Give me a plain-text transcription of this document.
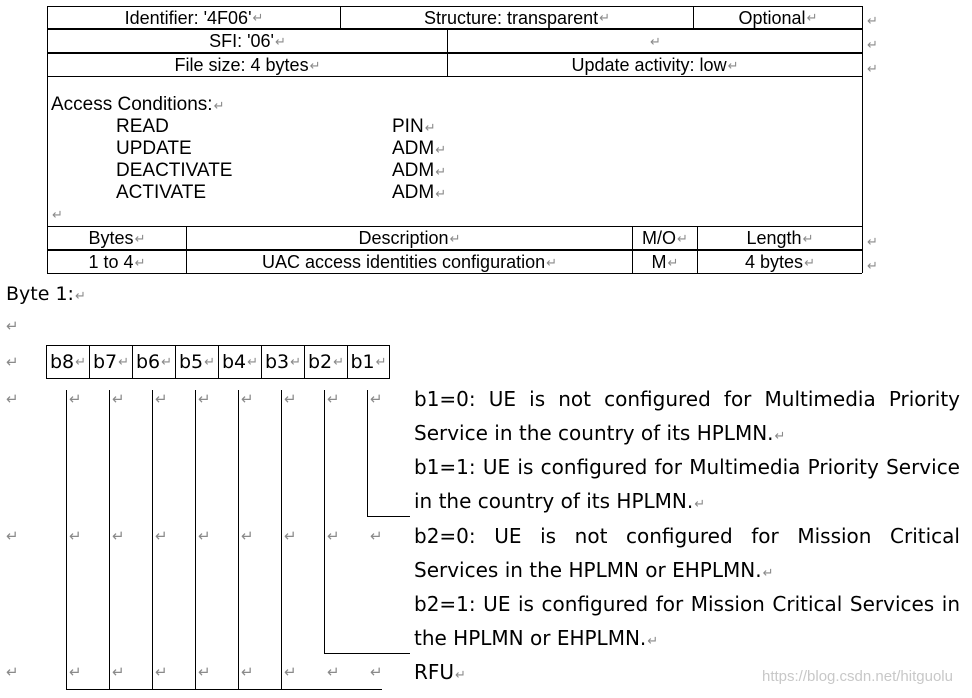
Identifier: '4F06' ↵	Structure: transparent ↵	Optional ↵
SFI: '06' ↵	↵
File size: 4 bytes ↵	Update activity: low ↵
↵
↵
↵
Access Conditions:↵
READ	PIN↵
UPDATE	ADM↵
DEACTIVATE	ADM↵
ACTIVATE	ADM↵
↵
Bytes ↵	Description ↵	M/O ↵	Length ↵
1 to 4 ↵	UAC access identities configuration ↵	M ↵	4 bytes ↵
↵
↵
Byte 1:↵
↵
↵
↵
↵
↵
b8 ↵ b7 ↵ b6 ↵ b5 ↵ b4 ↵ b3 ↵ b2 ↵ b1 ↵
↵ ↵ ↵ ↵ ↵ ↵ ↵ ↵
↵ ↵ ↵ ↵ ↵ ↵ ↵ ↵
↵ ↵ ↵ ↵ ↵ ↵ ↵ ↵
b1=0: UE is not configured for Multimedia Priority Service in the country of its HPLMN.↵
b1=1: UE is configured for Multimedia Priority Service in the country of its HPLMN.↵
b2=0: UE is not configured for Mission Critical Services in the HPLMN or EHPLMN.↵
b2=1: UE is configured for Mission Critical Services in the HPLMN or EHPLMN.↵
RFU↵	https://blog.csdn.net/hitguolu
